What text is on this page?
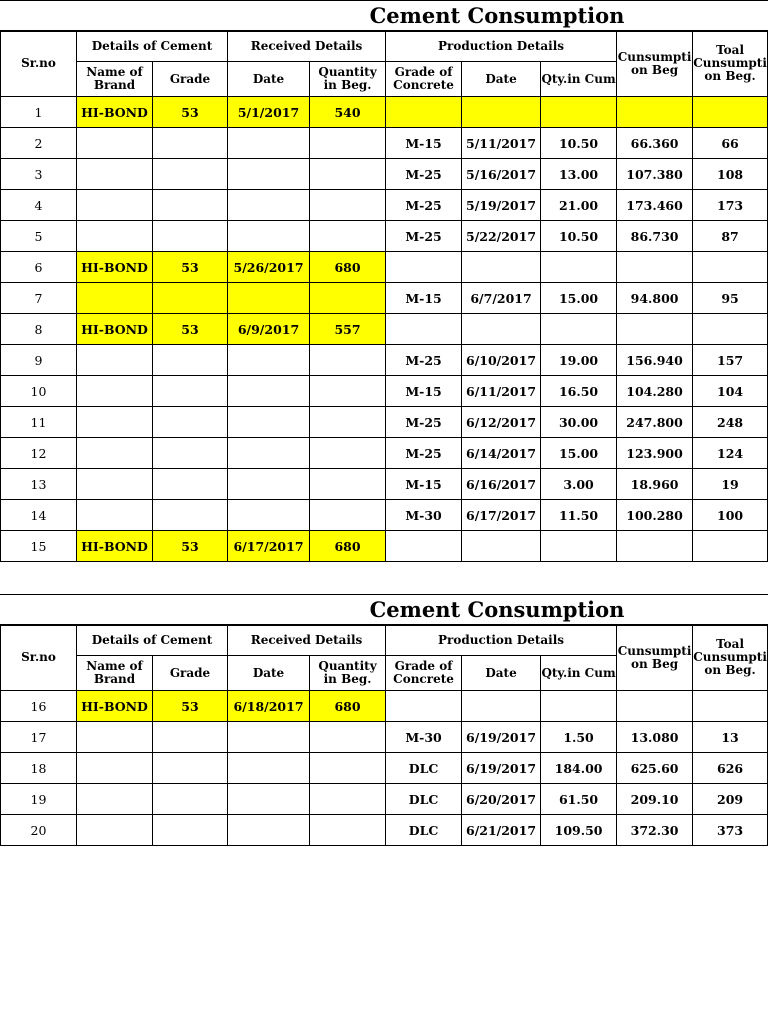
Cement Consumption
Sr.no	Details of Cement		Received Details		Production Details			Cunsumpti on Beg	Toal Cunsumpti on Beg.
	Name of Brand	Grade	Date	Quantity in Beg.	Grade of Concrete	Date	Qty.in Cum		
1	HI-BOND	53	5/1/2017	540					
2					M-15	5/11/2017	10.50	66.360	66
3					M-25	5/16/2017	13.00	107.380	108
4					M-25	5/19/2017	21.00	173.460	173
5					M-25	5/22/2017	10.50	86.730	87
6	HI-BOND	53	5/26/2017	680					
7					M-15	6/7/2017	15.00	94.800	95
8	HI-BOND	53	6/9/2017	557					
9					M-25	6/10/2017	19.00	156.940	157
10					M-15	6/11/2017	16.50	104.280	104
11					M-25	6/12/2017	30.00	247.800	248
12					M-25	6/14/2017	15.00	123.900	124
13					M-15	6/16/2017	3.00	18.960	19
14					M-30	6/17/2017	11.50	100.280	100
15	HI-BOND	53	6/17/2017	680					
Cement Consumption
Sr.no	Details of Cement		Received Details		Production Details			Cunsumpti on Beg	Toal Cunsumpti on Beg.
	Name of Brand	Grade	Date	Quantity in Beg.	Grade of Concrete	Date	Qty.in Cum		
16	HI-BOND	53	6/18/2017	680					
17					M-30	6/19/2017	1.50	13.080	13
18					DLC	6/19/2017	184.00	625.60	626
19					DLC	6/20/2017	61.50	209.10	209
20					DLC	6/21/2017	109.50	372.30	373
